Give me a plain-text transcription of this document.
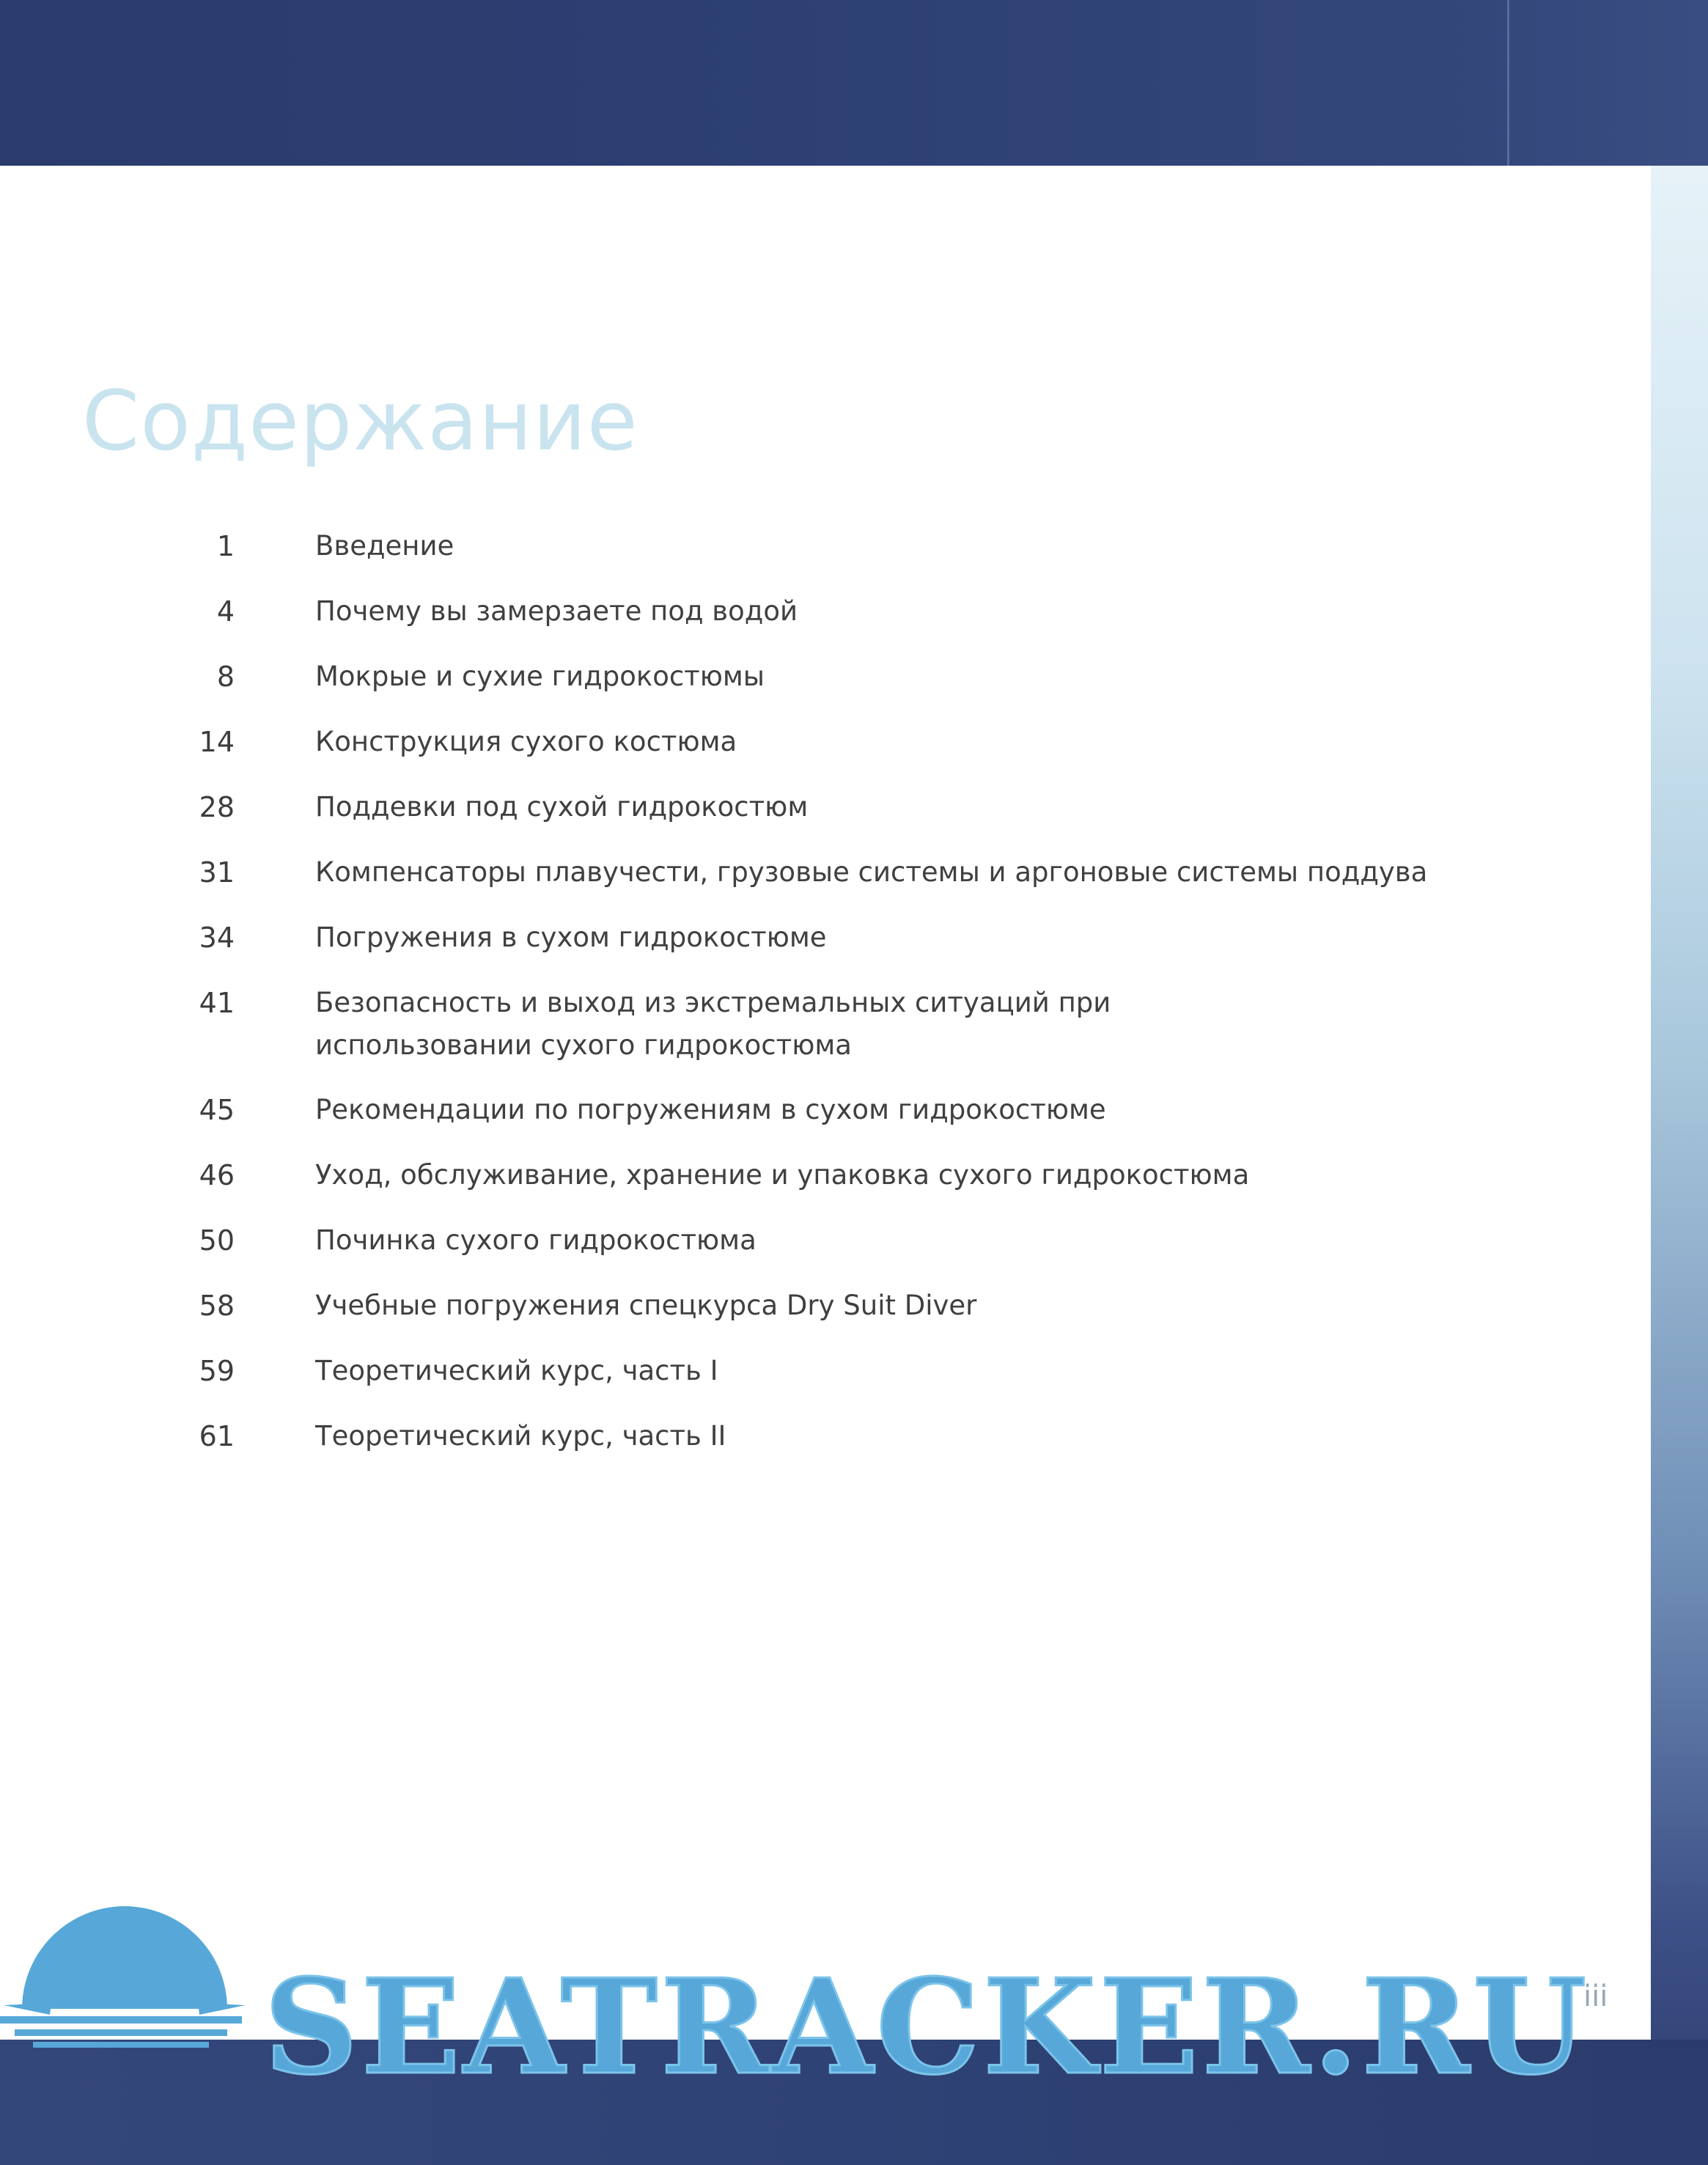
Содержание
1	Введение
4	Почему вы замерзаете под водой
8	Мокрые и сухие гидрокостюмы
14	Конструкция сухого костюма
28	Поддевки под сухой гидрокостюм
31	Компенсаторы плавучести, грузовые системы и аргоновые системы поддува
34	Погружения в сухом гидрокостюме
41	Безопасность и выход из экстремальных ситуаций при использовании сухого гидрокостюма
45	Рекомендации по погружениям в сухом гидрокостюме
46	Уход, обслуживание, хранение и упаковка сухого гидрокостюма
50	Починка сухого гидрокостюма
58	Учебные погружения спецкурса Dry Suit Diver
59	Теоретический курс, часть I
61	Теоретический курс, часть II
iii
SEATRACKER.RU
